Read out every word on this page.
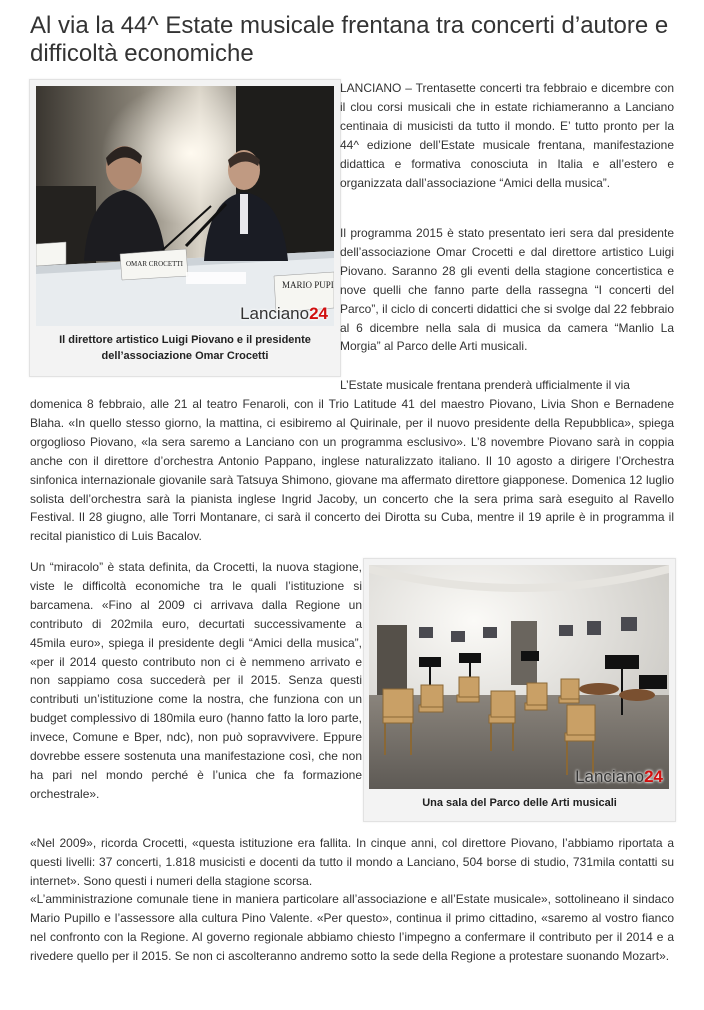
Al via la 44^ Estate musicale frentana tra concerti d’autore e difficoltà economiche
OMAR CROCETTI
MARIO PUPI
Lanciano24
Il direttore artistico Luigi Piovano e il presidente dell’associazione Omar Crocetti

LANCIANO – Trentasette concerti tra febbraio e dicembre con il clou corsi musicali che in estate richiameranno a Lanciano centinaia di musicisti da tutto il mondo. E’ tutto pronto per la 44^ edizione dell’Estate musicale frentana, manifestazione didattica e formativa conosciuta in Italia e all’estero e organizzata dall’associazione “Amici della musica”.

Il programma 2015 è stato presentato ieri sera dal presidente dell’associazione Omar Crocetti e dal direttore artistico Luigi Piovano. Saranno 28 gli eventi della stagione concertistica e nove quelli che fanno parte della rassegna “I concerti del Parco”, il ciclo di concerti didattici che si svolge dal 22 febbraio al 6 dicembre nella sala di musica da camera “Manlio La Morgia” al Parco delle Arti musicali.

L’Estate musicale frentana prenderà ufficialmente il via

domenica 8 febbraio, alle 21 al teatro Fenaroli, con il Trio Latitude 41 del maestro Piovano, Livia Shon e Bernadene Blaha. «In quello stesso giorno, la mattina, ci esibiremo al Quirinale, per il nuovo presidente della Repubblica», spiega orgoglioso Piovano, «la sera saremo a Lanciano con un programma esclusivo». L’8 novembre Piovano sarà in coppia anche con il direttore d’orchestra Antonio Pappano, inglese naturalizzato italiano. Il 10 agosto a dirigere l’Orchestra sinfonica internazionale giovanile sarà Tatsuya Shimono, giovane ma affermato direttore giapponese. Domenica 12 luglio solista dell’orchestra sarà la pianista inglese Ingrid Jacoby, un concerto che la sera prima sarà eseguito al Ravello Festival. Il 28 giugno, alle Torri Montanare, ci sarà il concerto dei Dirotta su Cuba, mentre il 19 aprile è in programma il recital pianistico di Luis Bacalov.

Un “miracolo” è stata definita, da Crocetti, la nuova stagione, viste le difficoltà economiche tra le quali l’istituzione si barcamena. «Fino al 2009 ci arrivava dalla Regione un contributo di 202mila euro, decurtati successivamente a 45mila euro», spiega il presidente degli “Amici della musica”, «per il 2014 questo contributo non ci è nemmeno arrivato e non sappiamo cosa succederà per il 2015. Senza questi contributi un’istituzione come la nostra, che funziona con un budget complessivo di 180mila euro (hanno fatto la loro parte, invece, Comune e Bper, ndc), non può sopravvivere. Eppure dovrebbe essere sostenuta una manifestazione così, che non ha pari nel mondo perché è l’unica che fa formazione orchestrale».

Lanciano24
Una sala del Parco delle Arti musicali

«Nel 2009», ricorda Crocetti, «questa istituzione era fallita. In cinque anni, col direttore Piovano, l’abbiamo riportata a questi livelli: 37 concerti, 1.818 musicisti e docenti da tutto il mondo a Lanciano, 504 borse di studio, 731mila contatti su internet». Sono questi i numeri della stagione scorsa.

«L’amministrazione comunale tiene in maniera particolare all’associazione e all’Estate musicale», sottolineano il sindaco Mario Pupillo e l’assessore alla cultura Pino Valente. «Per questo», continua il primo cittadino, «saremo al vostro fianco nel confronto con la Regione. Al governo regionale abbiamo chiesto l’impegno a confermare il contributo per il 2014 e a rivedere quello per il 2015. Se non ci ascolteranno andremo sotto la sede della Regione a protestare suonando Mozart».
